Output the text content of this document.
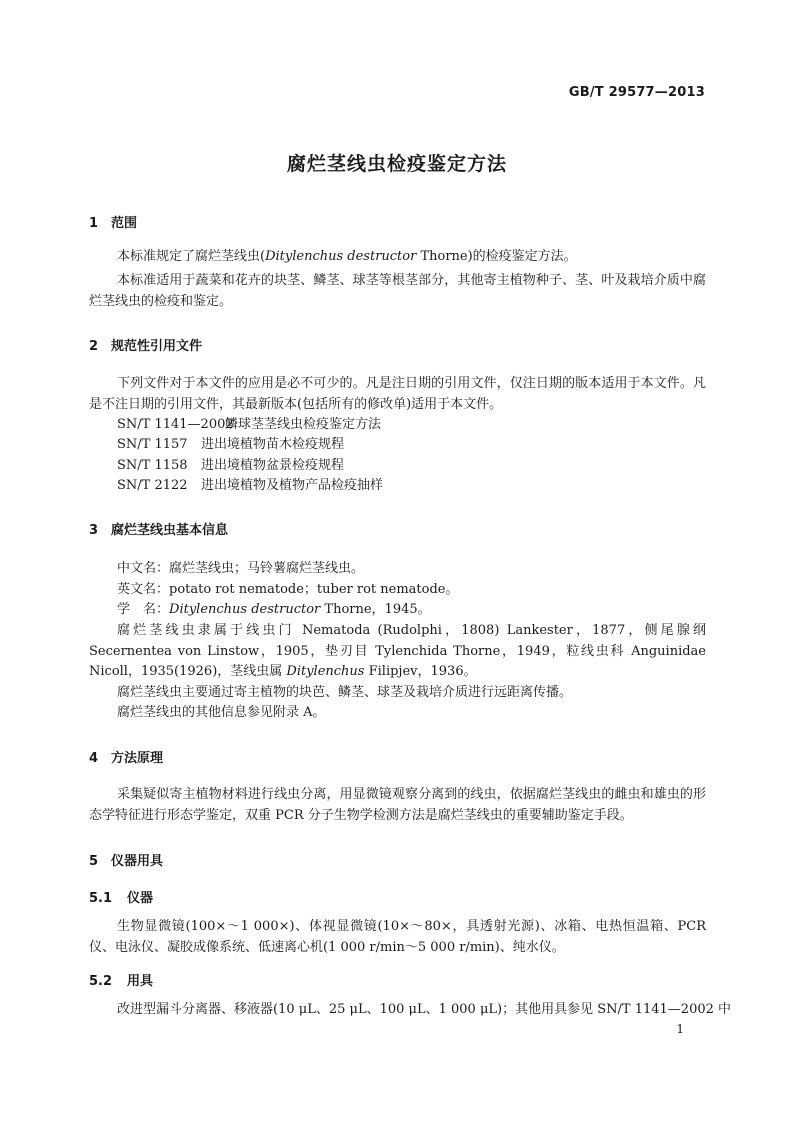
GB/T 29577—2013
腐烂茎线虫检疫鉴定方法
1 范围
本标准规定了腐烂茎线虫(Ditylenchus destructor Thorne)的检疫鉴定方法。
本标准适用于蔬菜和花卉的块茎、鳞茎、球茎等根茎部分，其他寄主植物种子、茎、叶及栽培介质中腐烂茎线虫的检疫和鉴定。
2 规范性引用文件
下列文件对于本文件的应用是必不可少的。凡是注日期的引用文件，仅注日期的版本适用于本文件。凡是不注日期的引用文件，其最新版本(包括所有的修改单)适用于本文件。
SN/T 1141—2002鳞球茎茎线虫检疫鉴定方法
SN/T 1157 进出境植物苗木检疫规程
SN/T 1158 进出境植物盆景检疫规程
SN/T 2122 进出境植物及植物产品检疫抽样
3 腐烂茎线虫基本信息
中文名：腐烂茎线虫；马铃薯腐烂茎线虫。
英文名：potato rot nematode；tuber rot nematode。
学　名：Ditylenchus destructor Thorne，1945。
腐烂茎线虫隶属于线虫门 Nematoda (Rudolphi，1808) Lankester，1877，侧尾腺纲 Secernentea von Linstow，1905，垫刃目 Tylenchida Thorne，1949，粒线虫科 Anguinidae Nicoll，1935(1926)，茎线虫属 Ditylenchus Filipjev，1936。
腐烂茎线虫主要通过寄主植物的块芭、鳞茎、球茎及栽培介质进行远距离传播。
腐烂茎线虫的其他信息参见附录 A。
4 方法原理
采集疑似寄主植物材料进行线虫分离，用显微镜观察分离到的线虫，依据腐烂茎线虫的雌虫和雄虫的形态学特征进行形态学鉴定，双重 PCR 分子生物学检测方法是腐烂茎线虫的重要辅助鉴定手段。
5 仪器用具
5.1 仪器
生物显微镜(100×～1 000×)、体视显微镜(10×～80×，具透射光源)、冰箱、电热恒温箱、PCR 仪、电泳仪、凝胶成像系统、低速离心机(1 000 r/min～5 000 r/min)、纯水仪。
5.2 用具
改进型漏斗分离器、移液器(10 μL、25 μL、100 μL、1 000 μL)；其他用具参见 SN/T 1141—2002 中
1
